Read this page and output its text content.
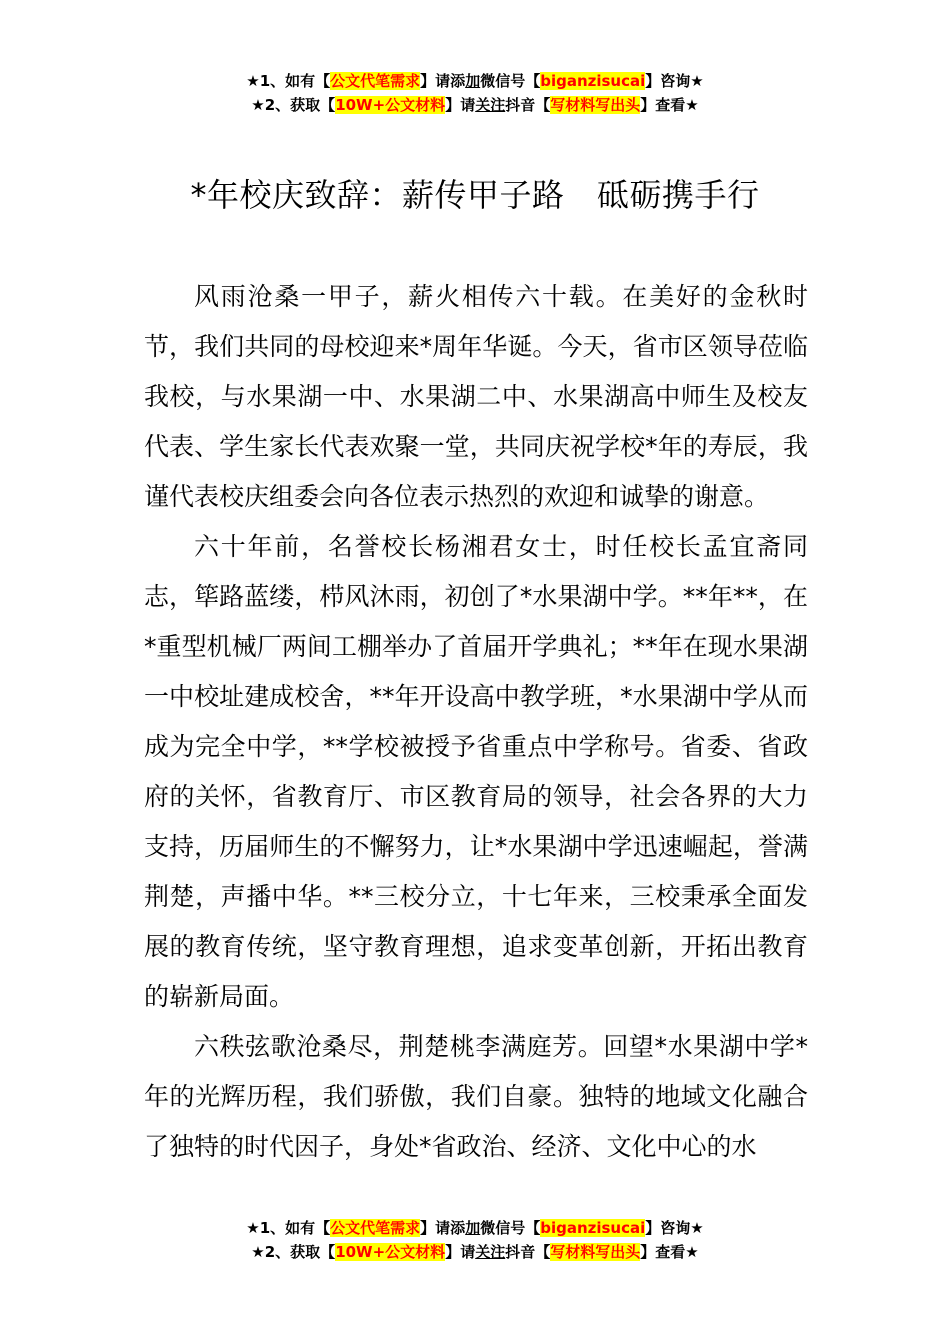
★1、如有【公文代笔需求】请添加微信号【biganzisucai】咨询★
★2、获取【10W+公文材料】请关注抖音【写材料写出头】查看★
*年校庆致辞：薪传甲子路　砥砺携手行

风雨沧桑一甲子，薪火相传六十载。在美好的金秋时节，我们共同的母校迎来*周年华诞。今天，省市区领导莅临我校，与水果湖一中、水果湖二中、水果湖高中师生及校友代表、学生家长代表欢聚一堂，共同庆祝学校*年的寿辰，我谨代表校庆组委会向各位表示热烈的欢迎和诚挚的谢意。

六十年前，名誉校长杨湘君女士，时任校长孟宜斋同志，筚路蓝缕，栉风沐雨，初创了*水果湖中学。**年**，在*重型机械厂两间工棚举办了首届开学典礼；**年在现水果湖一中校址建成校舍，**年开设高中教学班，*水果湖中学从而成为完全中学，**学校被授予省重点中学称号。省委、省政府的关怀，省教育厅、市区教育局的领导，社会各界的大力支持，历届师生的不懈努力，让*水果湖中学迅速崛起，誉满荆楚，声播中华。**三校分立，十七年来，三校秉承全面发展的教育传统，坚守教育理想，追求变革创新，开拓出教育的崭新局面。

六秩弦歌沧桑尽，荆楚桃李满庭芳。回望*水果湖中学*年的光辉历程，我们骄傲，我们自豪。独特的地域文化融合了独特的时代因子，身处*省政治、经济、文化中心的水

★1、如有【公文代笔需求】请添加微信号【biganzisucai】咨询★
★2、获取【10W+公文材料】请关注抖音【写材料写出头】查看★
